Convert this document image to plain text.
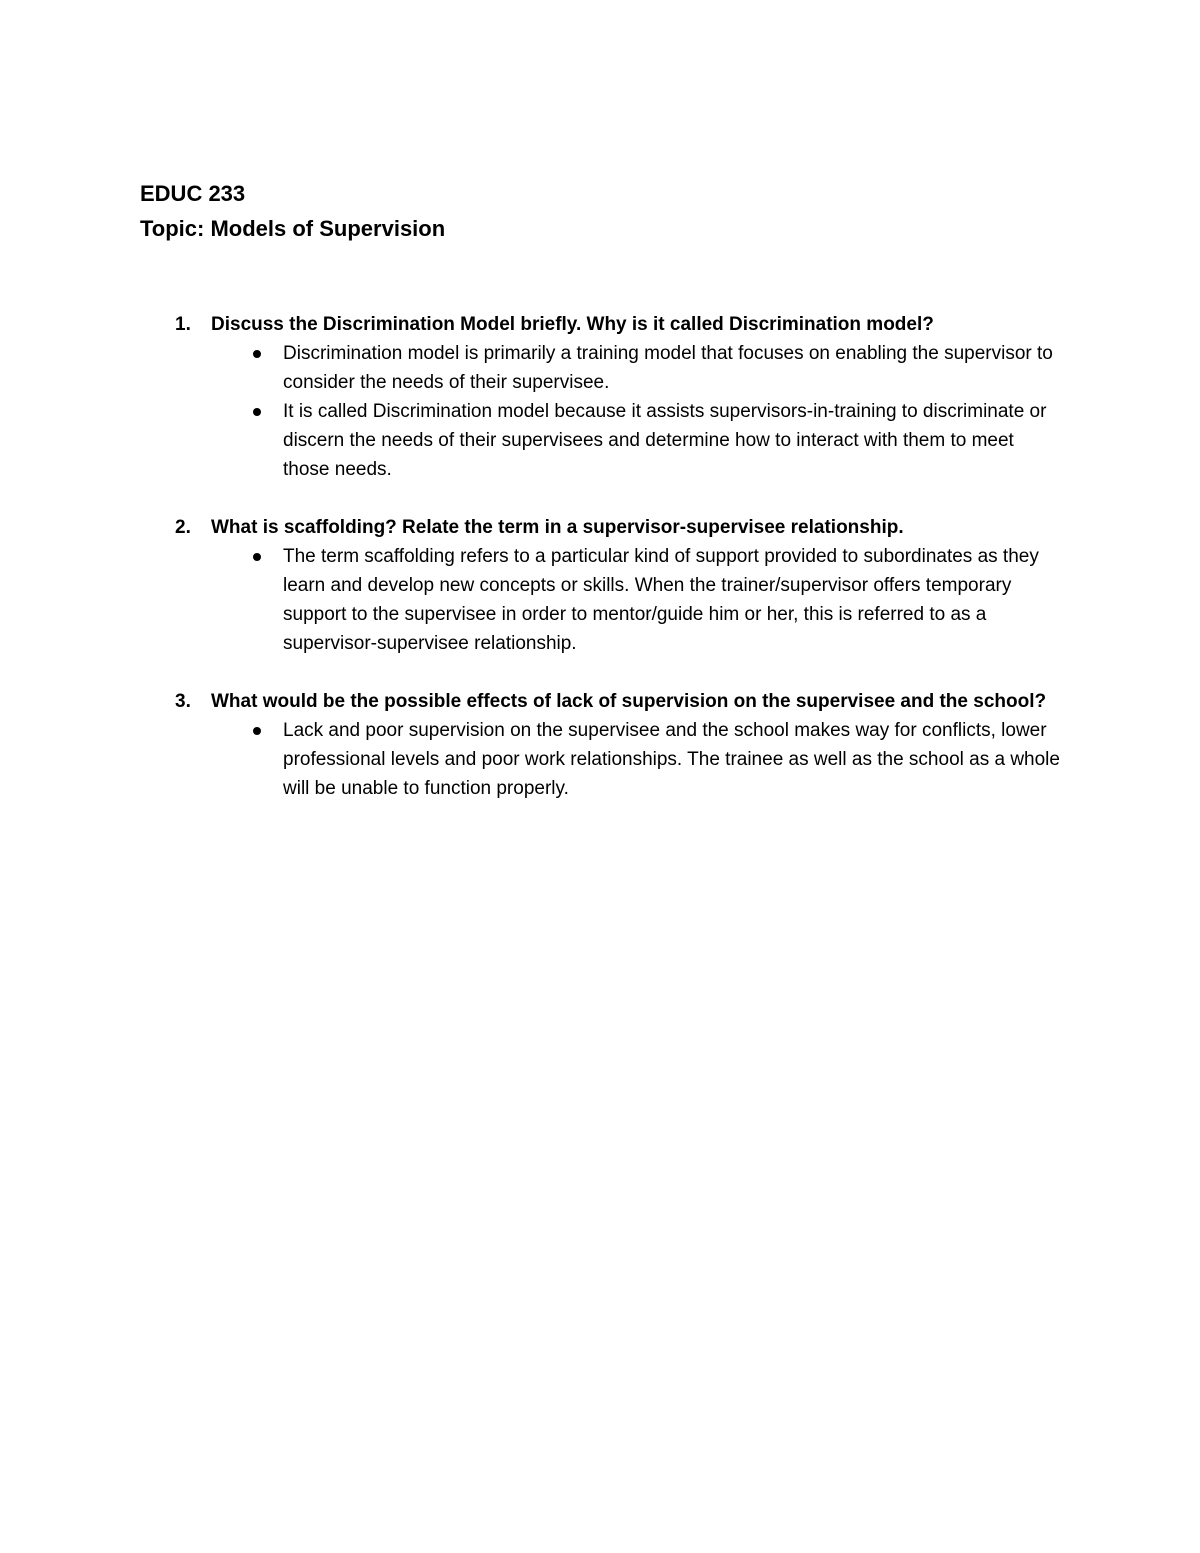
EDUC 233
Topic: Models of Supervision
1. Discuss the Discrimination Model briefly. Why is it called Discrimination model?
Discrimination model is primarily a training model that focuses on enabling the supervisor to consider the needs of their supervisee.
It is called Discrimination model because it assists supervisors-in-training to discriminate or discern the needs of their supervisees and determine how to interact with them to meet those needs.
2. What is scaffolding? Relate the term in a supervisor-supervisee relationship.
The term scaffolding refers to a particular kind of support provided to subordinates as they learn and develop new concepts or skills. When the trainer/supervisor offers temporary support to the supervisee in order to mentor/guide him or her, this is referred to as a supervisor-supervisee relationship.
3. What would be the possible effects of lack of supervision on the supervisee and the school?
Lack and poor supervision on the supervisee and the school makes way for conflicts, lower professional levels and poor work relationships. The trainee as well as the school as a whole will be unable to function properly.
